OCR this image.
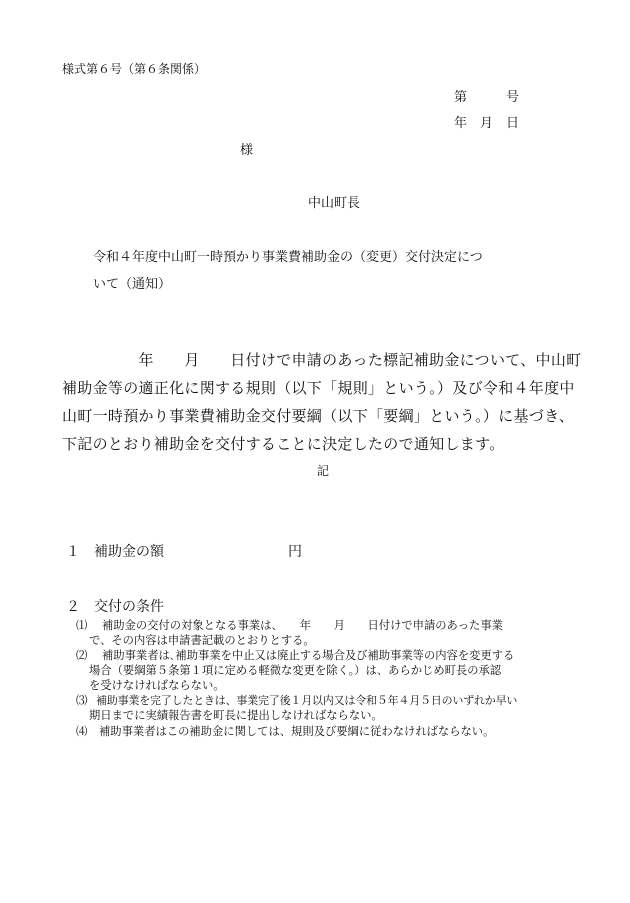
様式第６号（第６条関係）
第　　　号
年　月　日
様
中山町長
令和４年度中山町一時預かり事業費補助金の（変更）交付決定につ
いて（通知）
　　　　　年　　月　　日付けで申請のあった標記補助金について、中山町
補助金等の適正化に関する規則（以下「規則」という。）及び令和４年度中
山町一時預かり事業費補助金交付要綱（以下「要綱」という。）に基づき、
下記のとおり補助金を交付することに決定したので通知します。
記
１ 補助金の額	円
２ 交付の条件
⑴ 補助金の交付の対象となる事業は、　　年　　月　　日付けで申請のあった事業
で、その内容は申請書記載のとおりとする。
⑵ 補助事業者は､補助事業を中止又は廃止する場合及び補助事業等の内容を変更する
場合（要綱第５条第１項に定める軽微な変更を除く。）は、あらかじめ町長の承認
を受けなければならない。
⑶ 補助事業を完了したときは、事業完了後１月以内又は令和５年４月５日のいずれか早い
期日までに実績報告書を町長に提出しなければならない。
⑷ 補助事業者はこの補助金に関しては、規則及び要綱に従わなければならない。
